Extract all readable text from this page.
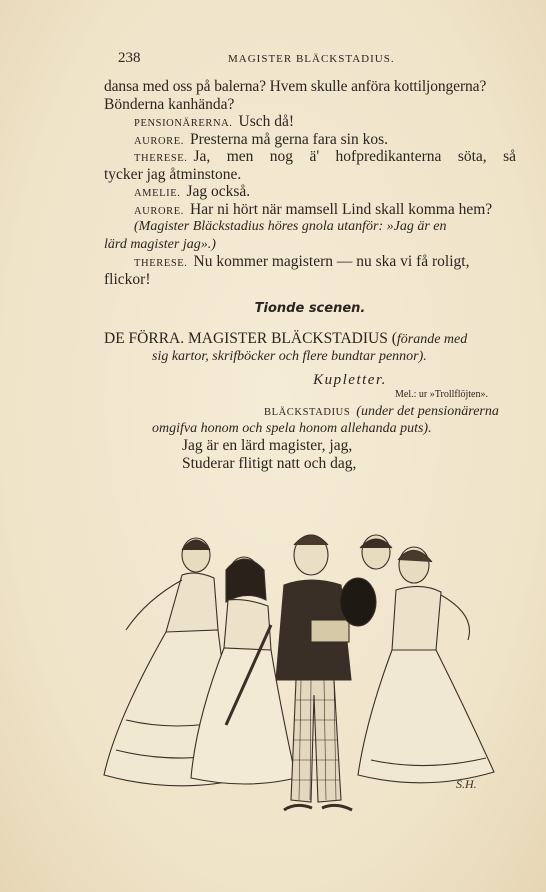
238	MAGISTER BLÄCKSTADIUS.
dansa med oss på balerna? Hvem skulle anföra kottiljongerna?
Bönderna kanhända?
PENSIONÄRERNA. Usch då!
AURORE. Presterna må gerna fara sin kos.
THERESE. Ja, men nog ä' hofpredikanterna söta, så
tycker jag åtminstone.
AMELIE. Jag också.
AURORE. Har ni hört när mamsell Lind skall komma hem?
(Magister Bläckstadius höres gnola utanför: »Jag är en
lärd magister jag».)
THERESE. Nu kommer magistern — nu ska vi få roligt,
flickor!
Tionde scenen.
DE FÖRRA. MAGISTER BLÄCKSTADIUS (förande med
sig kartor, skrifböcker och flere bundtar pennor).
Kupletter.
Mel.: ur »Trollflöjten».
BLÄCKSTADIUS (under det pensionärerna
omgifva honom och spela honom allehanda puts).
Jag är en lärd magister, jag,
Studerar flitigt natt och dag,
S.H.
